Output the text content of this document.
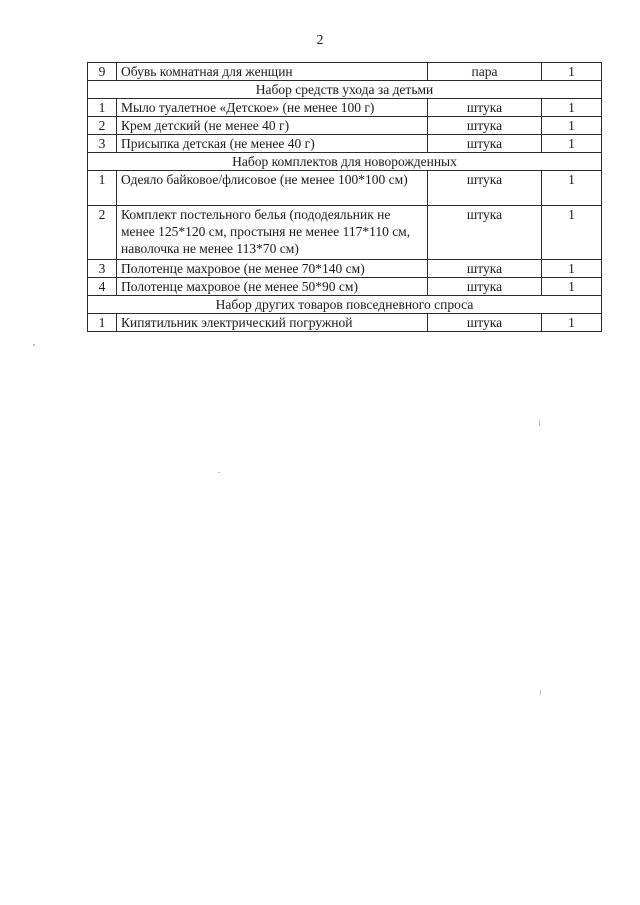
2
9	Обувь комнатная для женщин	пара	1
Набор средств ухода за детьми			
1	Мыло туалетное «Детское» (не менее 100 г)	штука	1
2	Крем детский (не менее 40 г)	штука	1
3	Присыпка детская (не менее 40 г)	штука	1
Набор комплектов для новорожденных			
1	Одеяло байковое/флисовое (не менее 100*100 см)	штука	1
2	Комплект постельного белья (пододеяльник не менее 125*120 см, простыня не менее 117*110 см, наволочка не менее 113*70 см)	штука	1
3	Полотенце махровое (не менее 70*140 см)	штука	1
4	Полотенце махровое (не менее 50*90 см)	штука	1
Набор других товаров повседневного спроса			
1	Кипятильник электрический погружной	штука	1
